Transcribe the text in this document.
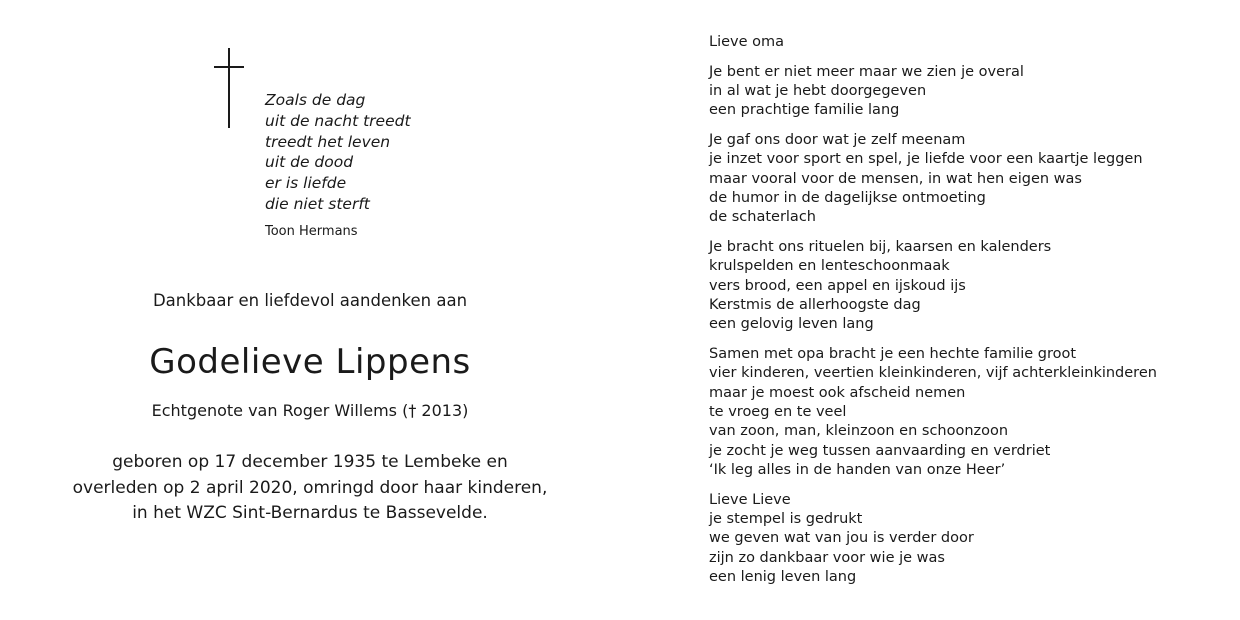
Zoals de dag
uit de nacht treedt
treedt het leven
uit de dood
er is liefde
die niet sterft
Toon Hermans
Dankbaar en liefdevol aandenken aan
Godelieve Lippens
Echtgenote van Roger Willems († 2013)
geboren op 17 december 1935 te Lembeke en
overleden op 2 april 2020, omringd door haar kinderen,
in het WZC Sint-Bernardus te Bassevelde.
Lieve oma
Je bent er niet meer maar we zien je overal
in al wat je hebt doorgegeven
een prachtige familie lang
Je gaf ons door wat je zelf meenam
je inzet voor sport en spel, je liefde voor een kaartje leggen
maar vooral voor de mensen, in wat hen eigen was
de humor in de dagelijkse ontmoeting
de schaterlach
Je bracht ons rituelen bij, kaarsen en kalenders
krulspelden en lenteschoonmaak
vers brood, een appel en ijskoud ijs
Kerstmis de allerhoogste dag
een gelovig leven lang
Samen met opa bracht je een hechte familie groot
vier kinderen, veertien kleinkinderen, vijf achterkleinkinderen
maar je moest ook afscheid nemen
te vroeg en te veel
van zoon, man, kleinzoon en schoonzoon
je zocht je weg tussen aanvaarding en verdriet
‘Ik leg alles in de handen van onze Heer’
Lieve Lieve
je stempel is gedrukt
we geven wat van jou is verder door
zijn zo dankbaar voor wie je was
een lenig leven lang
